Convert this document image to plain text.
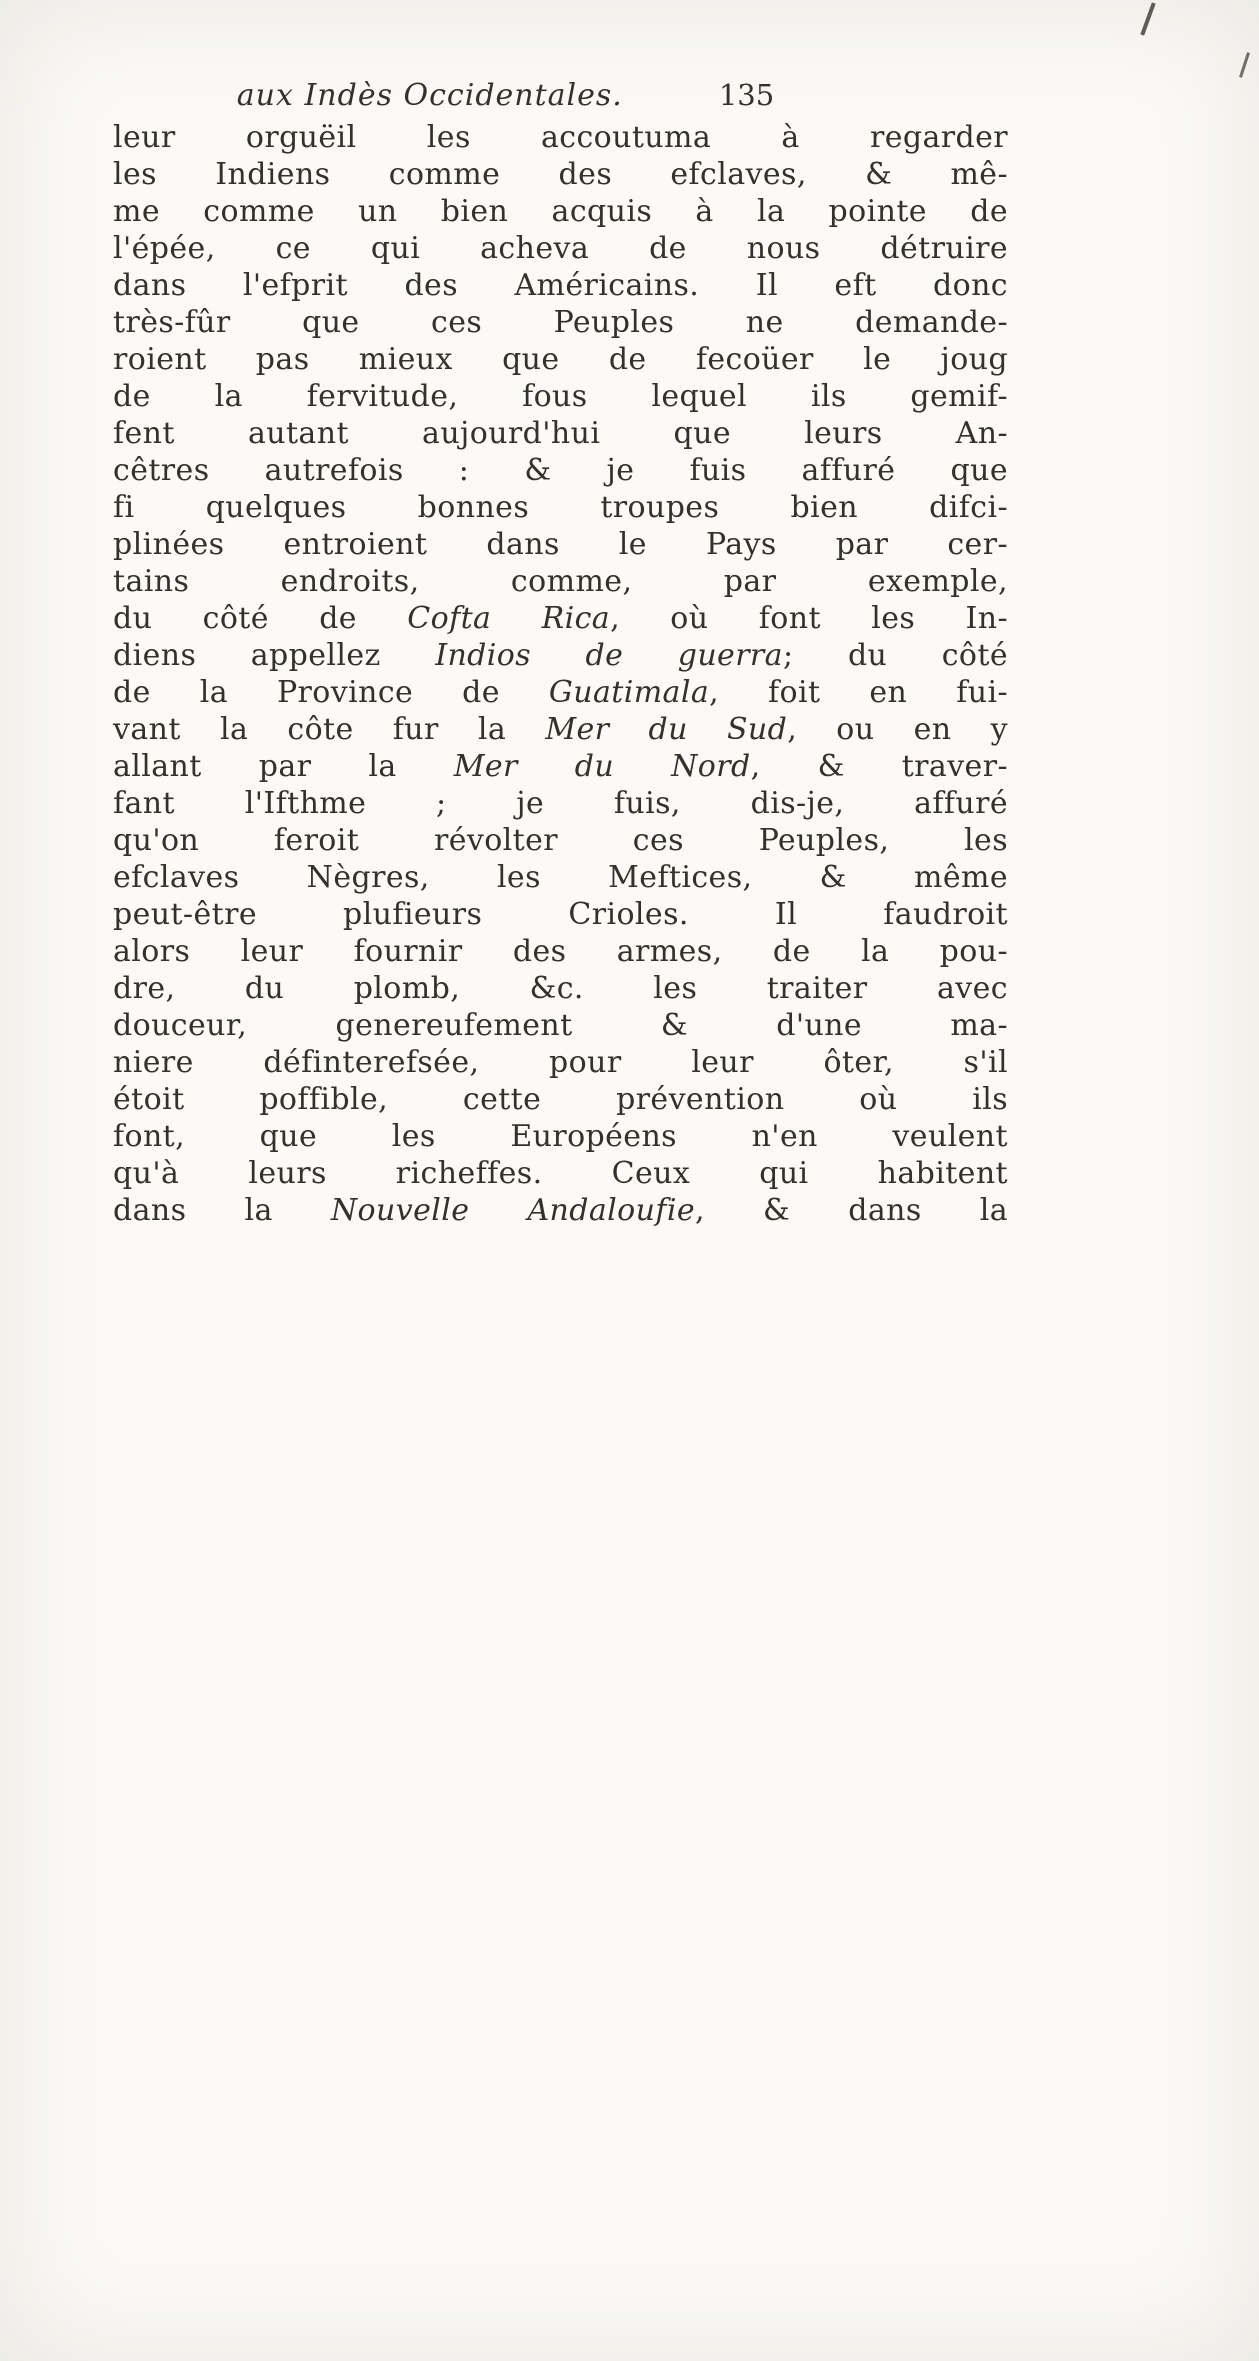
aux Indès Occidentales.	135
leur orguëil les accoutuma à regarder
les Indiens comme des efclaves, & mê-
me comme un bien acquis à la pointe de
l'épée, ce qui acheva de nous détruire
dans l'efprit des Américains. Il eft donc
très-fûr que ces Peuples ne demande-
roient pas mieux que de fecoüer le joug
de la fervitude, fous lequel ils gemif-
fent autant aujourd'hui que leurs An-
cêtres autrefois : & je fuis affuré que
fi quelques bonnes troupes bien difci-
plinées entroient dans le Pays par cer-
tains endroits, comme, par exemple,
du côté de Cofta Rica, où font les In-
diens appellez Indios de guerra; du côté
de la Province de Guatimala, foit en fui-
vant la côte fur la Mer du Sud, ou en y
allant par la Mer du Nord, & traver-
fant l'Ifthme ; je fuis, dis-je, affuré
qu'on feroit révolter ces Peuples, les
efclaves Nègres, les Meftices, & même
peut-être plufieurs Crioles. Il faudroit
alors leur fournir des armes, de la pou-
dre, du plomb, &c. les traiter avec
douceur, genereufement & d'une ma-
niere définterefsée, pour leur ôter, s'il
étoit poffible, cette prévention où ils
font, que les Européens n'en veulent
qu'à leurs richeffes. Ceux qui habitent
dans la Nouvelle Andaloufie, & dans la
